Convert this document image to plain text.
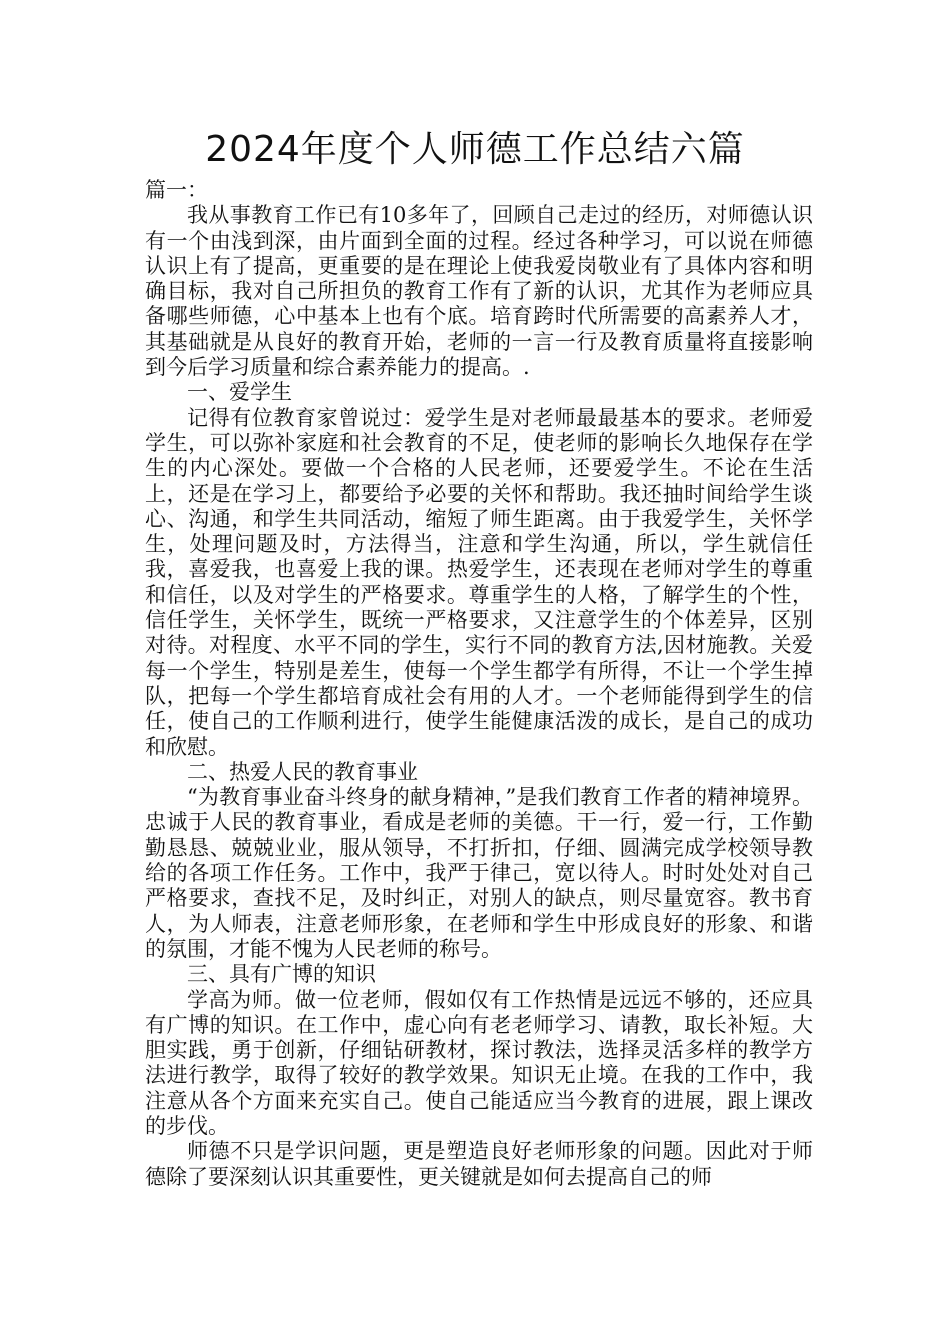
2024年度个人师德工作总结六篇

篇一：

我从事教育工作已有10多年了，回顾自己走过的经历，对师德认识有一个由浅到深，由片面到全面的过程。经过各种学习，可以说在师德认识上有了提高，更重要的是在理论上使我爱岗敬业有了具体内容和明确目标，我对自己所担负的教育工作有了新的认识，尤其作为老师应具备哪些师德，心中基本上也有个底。培育跨时代所需要的高素养人才，其基础就是从良好的教育开始，老师的一言一行及教育质量将直接影响到今后学习质量和综合素养能力的提高。.

一、爱学生

记得有位教育家曾说过：爱学生是对老师最最基本的要求。老师爱学生，可以弥补家庭和社会教育的不足，使老师的影响长久地保存在学生的内心深处。要做一个合格的人民老师，还要爱学生。不论在生活上，还是在学习上，都要给予必要的关怀和帮助。我还抽时间给学生谈心、沟通，和学生共同活动，缩短了师生距离。由于我爱学生，关怀学生，处理问题及时，方法得当，注意和学生沟通，所以，学生就信任我，喜爱我，也喜爱上我的课。热爱学生，还表现在老师对学生的尊重和信任，以及对学生的严格要求。尊重学生的人格，了解学生的个性，信任学生，关怀学生，既统一严格要求，又注意学生的个体差异，区别对待。对程度、水平不同的学生，实行不同的教育方法,因材施教。关爱每一个学生，特别是差生，使每一个学生都学有所得，不让一个学生掉队，把每一个学生都培育成社会有用的人才。一个老师能得到学生的信任，使自己的工作顺利进行，使学生能健康活泼的成长，是自己的成功和欣慰。

二、热爱人民的教育事业

“为教育事业奋斗终身的献身精神，”是我们教育工作者的精神境界。忠诚于人民的教育事业，看成是老师的美德。干一行，爱一行，工作勤勤恳恳、兢兢业业，服从领导，不打折扣，仔细、圆满完成学校领导教给的各项工作任务。工作中，我严于律己，宽以待人。时时处处对自己严格要求，查找不足，及时纠正，对别人的缺点，则尽量宽容。教书育人，为人师表，注意老师形象，在老师和学生中形成良好的形象、和谐的氛围，才能不愧为人民老师的称号。

三、具有广博的知识

学高为师。做一位老师，假如仅有工作热情是远远不够的，还应具有广博的知识。在工作中，虚心向有老老师学习、请教，取长补短。大胆实践，勇于创新，仔细钻研教材，探讨教法，选择灵活多样的教学方法进行教学，取得了较好的教学效果。知识无止境。在我的工作中，我注意从各个方面来充实自己。使自己能适应当今教育的进展，跟上课改的步伐。

师德不只是学识问题，更是塑造良好老师形象的问题。因此对于师德除了要深刻认识其重要性，更关键就是如何去提高自己的师
